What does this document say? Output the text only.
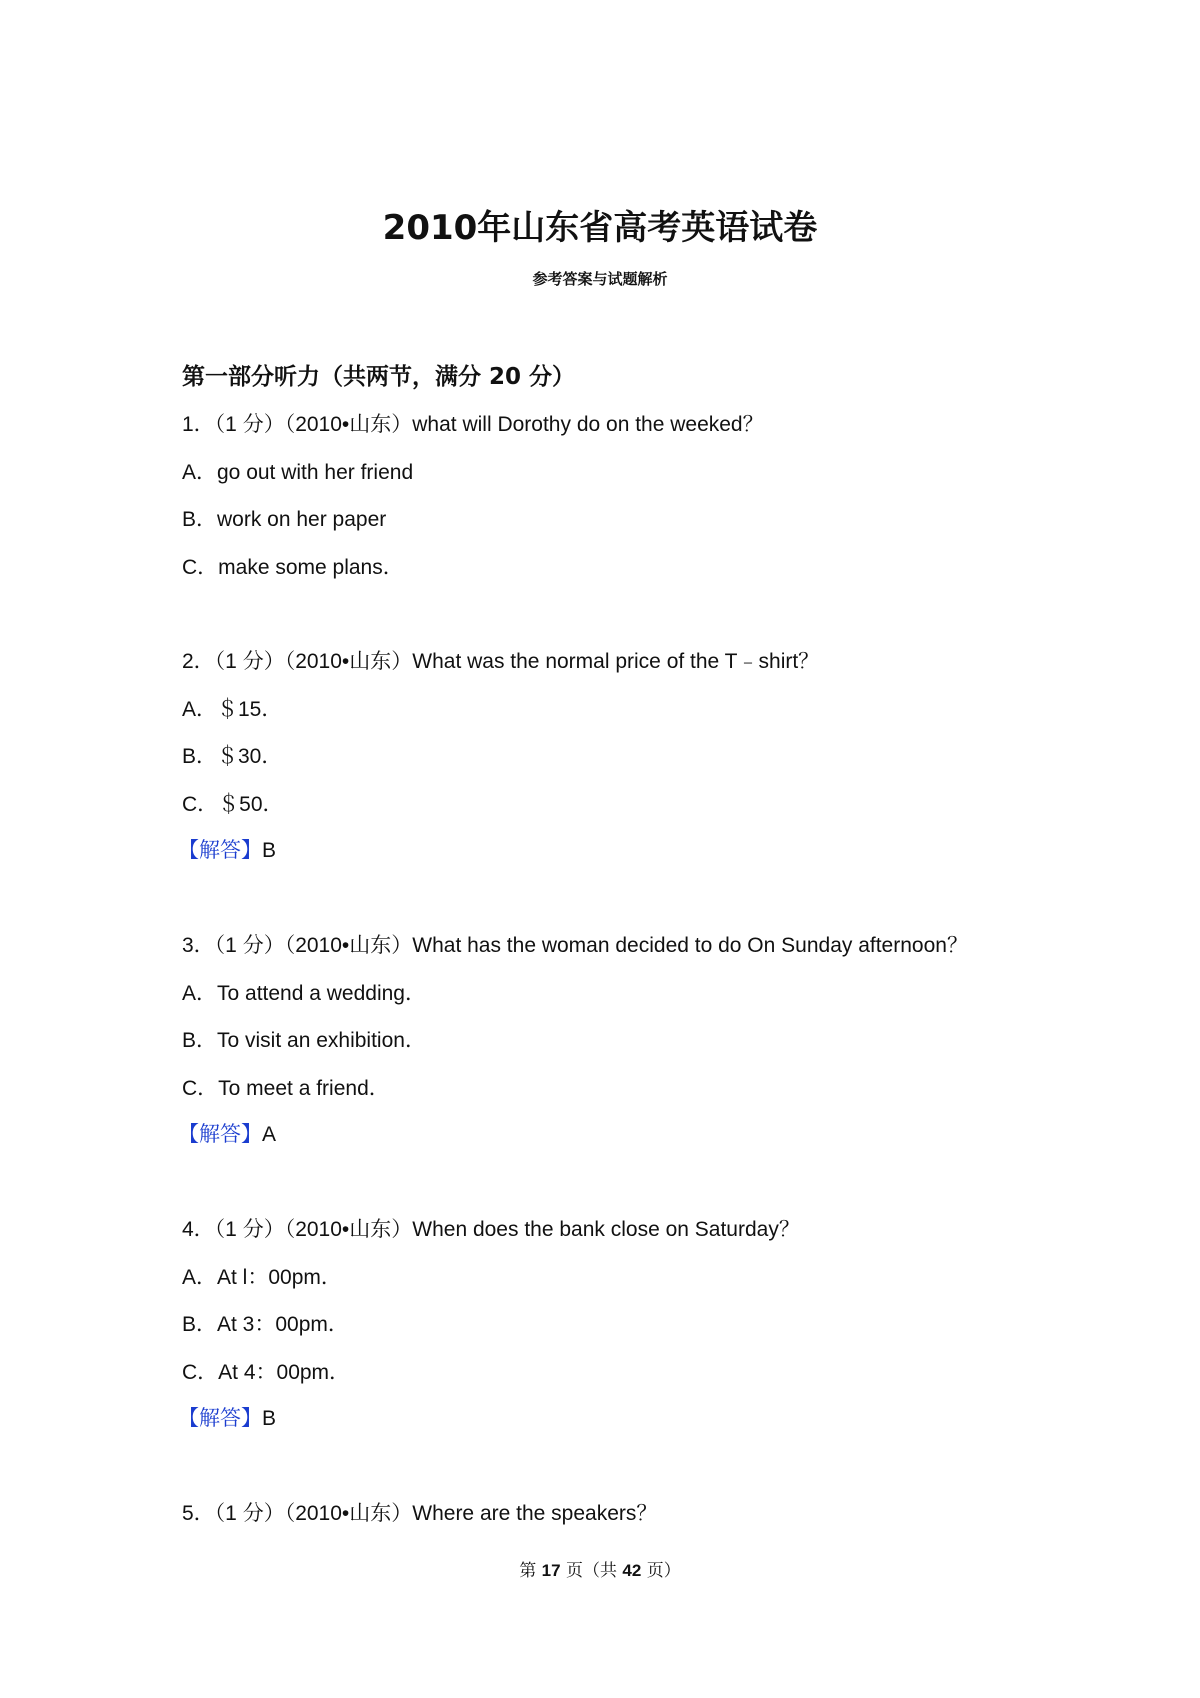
2010年山东省高考英语试卷
参考答案与试题解析
第一部分听力（共两节，满分 20 分）
1．（1 分）（2010•山东）what will Dorothy do on the weeked？
A．go out with her friend
B．work on her paper
C．make some plans．
2．（1 分）（2010•山东）What was the normal price of the T﹣shirt？
A．＄15．
B．＄30．
C．＄50．
【解答】B
3．（1 分）（2010•山东）What has the woman decided to do On Sunday afternoon？
A．To attend a wedding．
B．To visit an exhibition．
C．To meet a friend．
【解答】A
4．（1 分）（2010•山东）When does the bank close on Saturday？
A．At l：00pm．
B．At 3：00pm．
C．At 4：00pm．
【解答】B
5．（1 分）（2010•山东）Where are the speakers？
第 17 页（共 42 页）
